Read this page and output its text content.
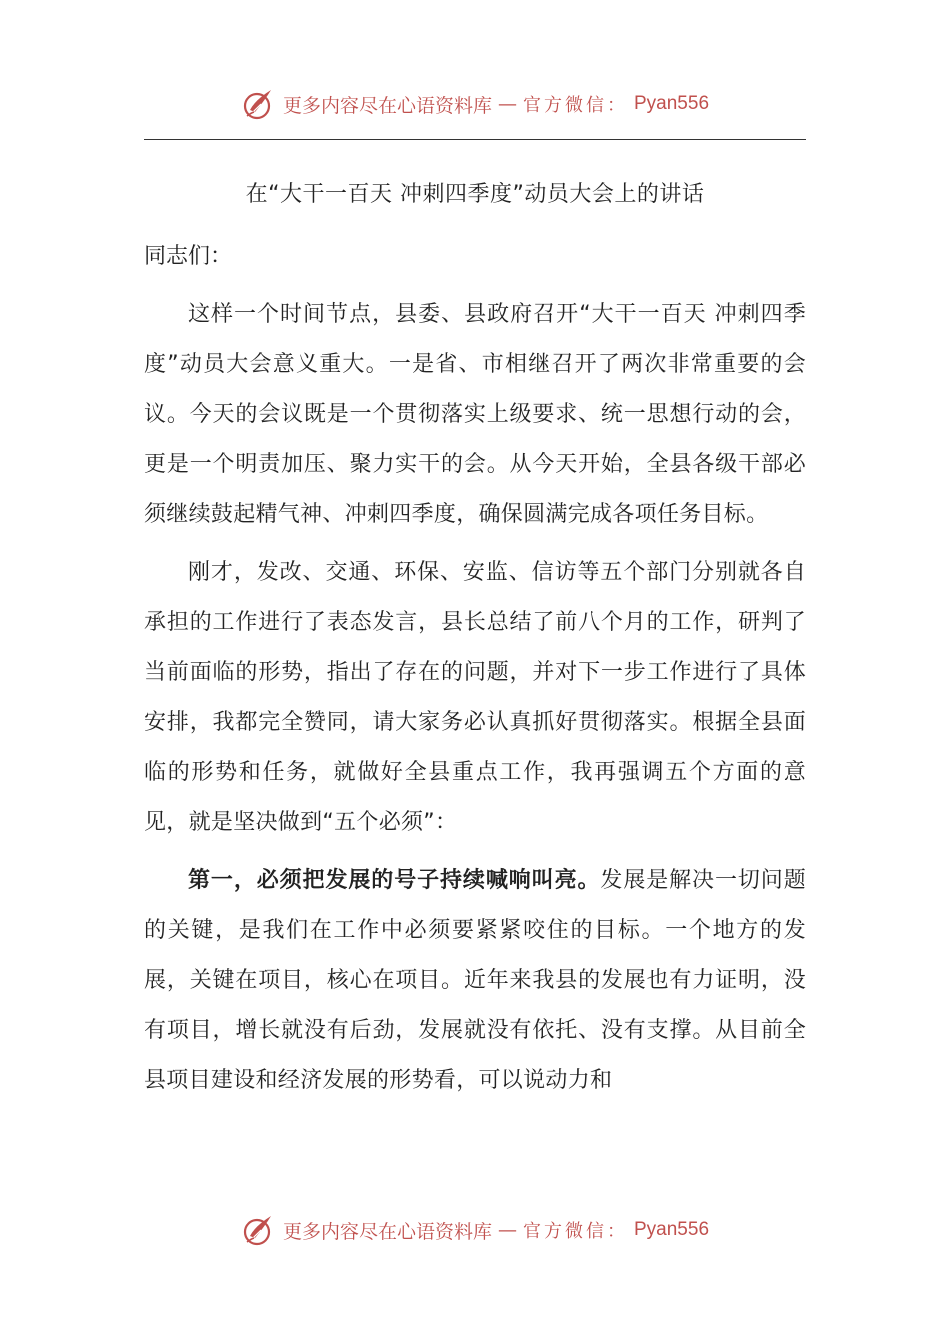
更多内容尽在心语资料库 — 官方微信： Pyan556
在“大干一百天 冲刺四季度”动员大会上的讲话
同志们：

这样一个时间节点，县委、县政府召开“大干一百天 冲刺四季度”动员大会意义重大。一是省、市相继召开了两次非常重要的会议。今天的会议既是一个贯彻落实上级要求、统一思想行动的会，更是一个明责加压、聚力实干的会。从今天开始，全县各级干部必须继续鼓起精气神、冲刺四季度，确保圆满完成各项任务目标。

刚才，发改、交通、环保、安监、信访等五个部门分别就各自承担的工作进行了表态发言，县长总结了前八个月的工作，研判了当前面临的形势，指出了存在的问题，并对下一步工作进行了具体安排，我都完全赞同，请大家务必认真抓好贯彻落实。根据全县面临的形势和任务，就做好全县重点工作，我再强调五个方面的意见，就是坚决做到“五个必须”：

第一，必须把发展的号子持续喊响叫亮。发展是解决一切问题的关键，是我们在工作中必须要紧紧咬住的目标。一个地方的发展，关键在项目，核心在项目。近年来我县的发展也有力证明，没有项目，增长就没有后劲，发展就没有依托、没有支撑。从目前全县项目建设和经济发展的形势看，可以说动力和

更多内容尽在心语资料库 — 官方微信： Pyan556
